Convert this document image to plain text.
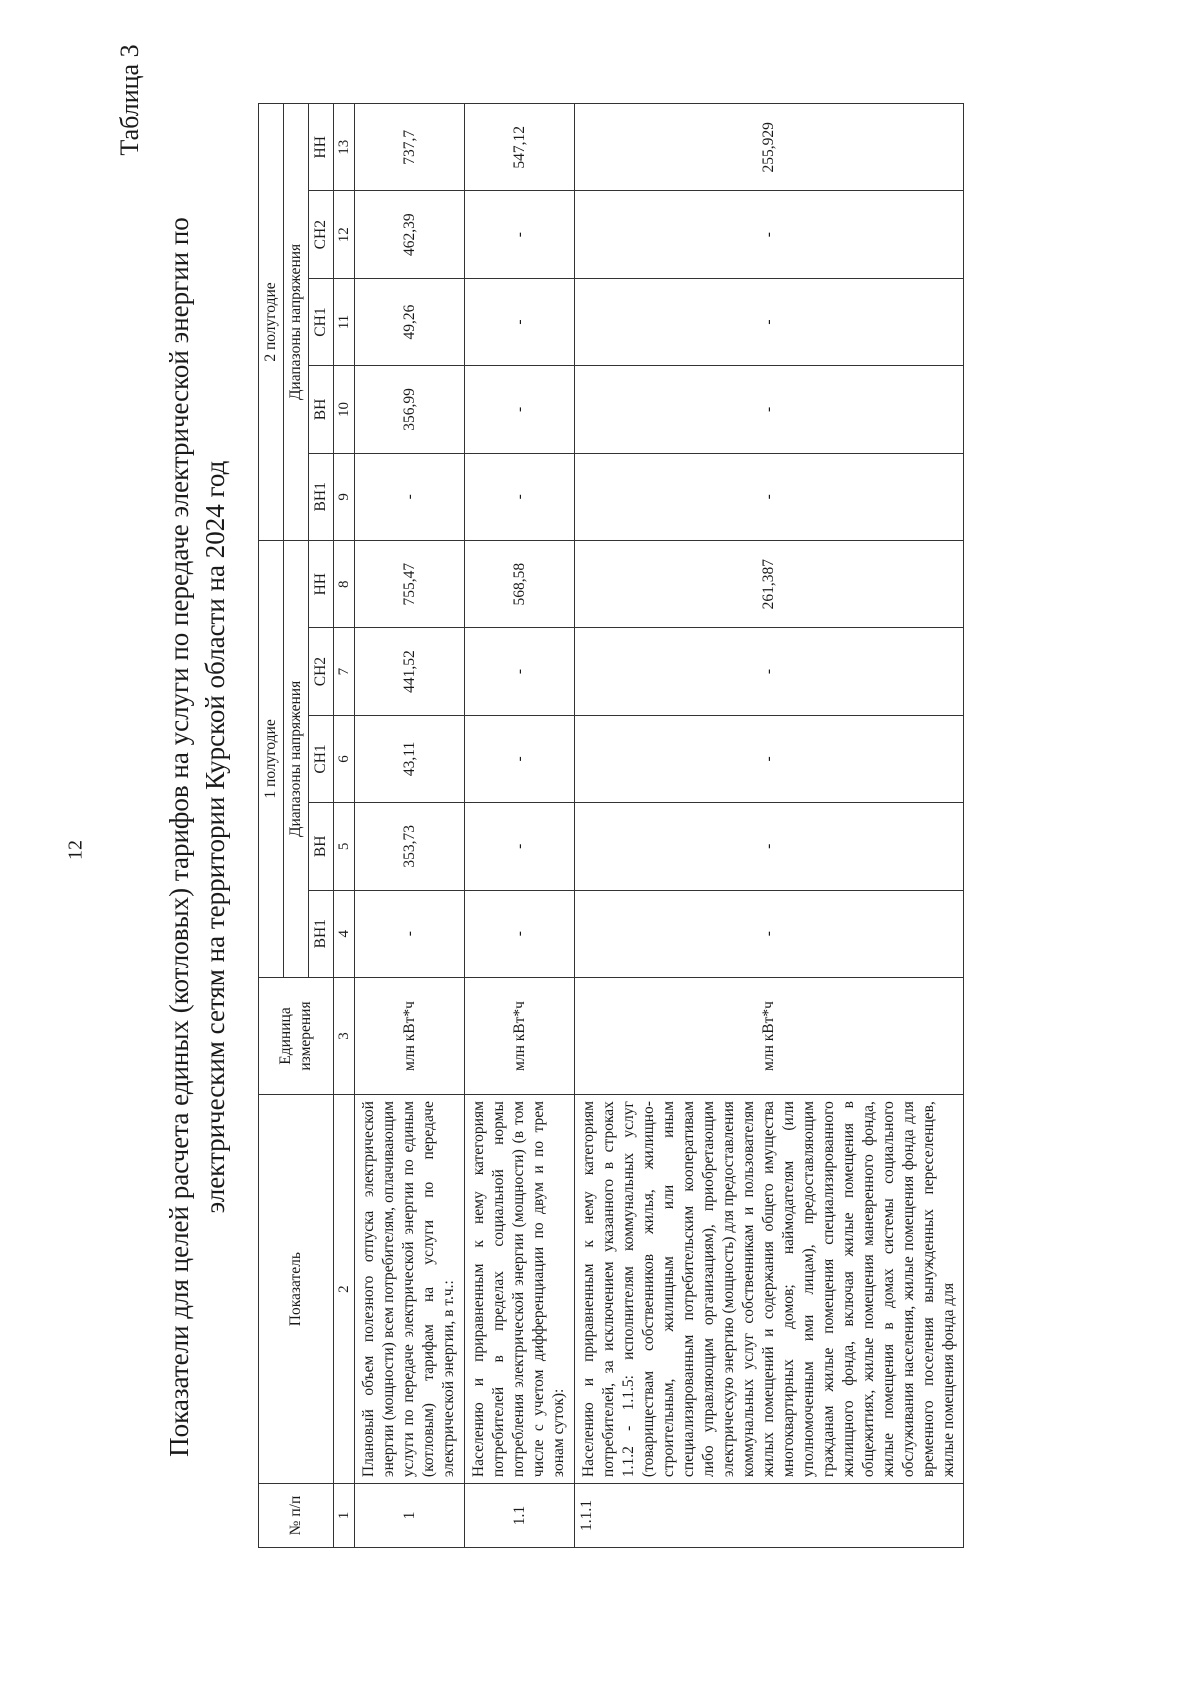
12
Таблица 3
Показатели для целей расчета единых (котловых) тарифов на услуги по передаче электрической энергии по электрическим сетям на территории Курской области на 2024 год
№ п/п	Показатель	Единица измерения	1 полугодие					2 полугодие				
			Диапазоны напряжения					Диапазоны напряжения				
			ВН1	ВН	СН1	СН2	НН	ВН1	ВН	СН1	СН2	НН
1	2	3	4	5	6	7	8	9	10	11	12	13
1	Плановый объем полезного отпуска электрической энергии (мощности) всем потребителям, оплачивающим услуги по передаче электрической энергии по единым (котловым) тарифам на услуги по передаче электрической энергии, в т.ч.:	млн кВт*ч	-	353,73	43,11	441,52	755,47	-	356,99	49,26	462,39	737,7
1.1	Населению и приравненным к нему категориям потребителей в пределах социальной нормы потребления электрической энергии (мощности) (в том числе с учетом дифференциации по двум и по трем зонам суток):	млн кВт*ч	-	-	-	-	568,58	-	-	-	-	547,12
1.1.1	Населению и приравненным к нему категориям потребителей, за исключением указанного в строках 1.1.2 - 1.1.5: исполнителям коммунальных услуг (товариществам собственников жилья, жилищно-строительным, жилищным или иным специализированным потребительским кооперативам либо управляющим организациям), приобретающим электрическую энергию (мощность) для предоставления коммунальных услуг собственникам и пользователям жилых помещений и содержания общего имущества многоквартирных домов; наймодателям (или уполномоченным ими лицам), предоставляющим гражданам жилые помещения специализированного жилищного фонда, включая жилые помещения в общежитиях, жилые помещения маневренного фонда, жилые помещения в домах системы социального обслуживания населения, жилые помещения фонда для временного поселения вынужденных переселенцев, жилые помещения фонда для	млн кВт*ч	-	-	-	-	261,387	-	-	-	-	255,929
